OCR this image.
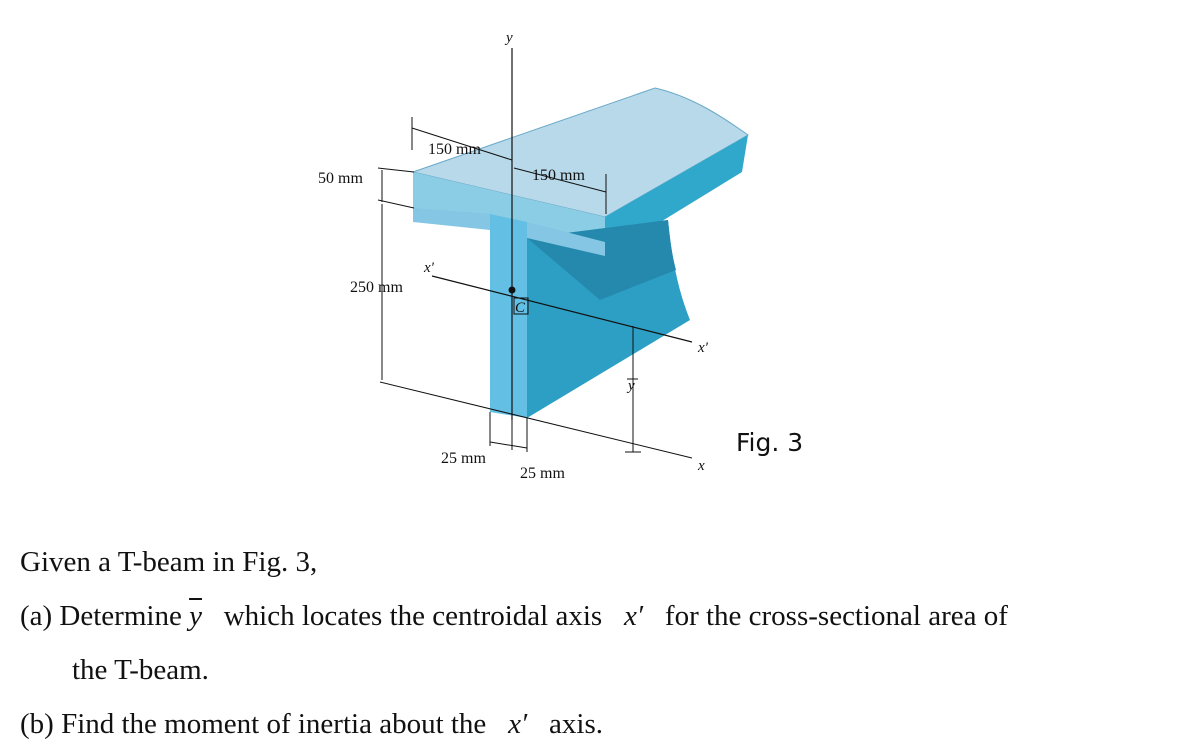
y
x'
x'
C
x
y
150 mm
150 mm
50 mm
250 mm
25 mm
25 mm
Fig. 3
Given a T-beam in Fig. 3,
(a) Determine $\overline{y}$ which locates the centroidal axis x′ for the cross-sectional area of
the T-beam.
(b) Find the moment of inertia about the x′ axis.
